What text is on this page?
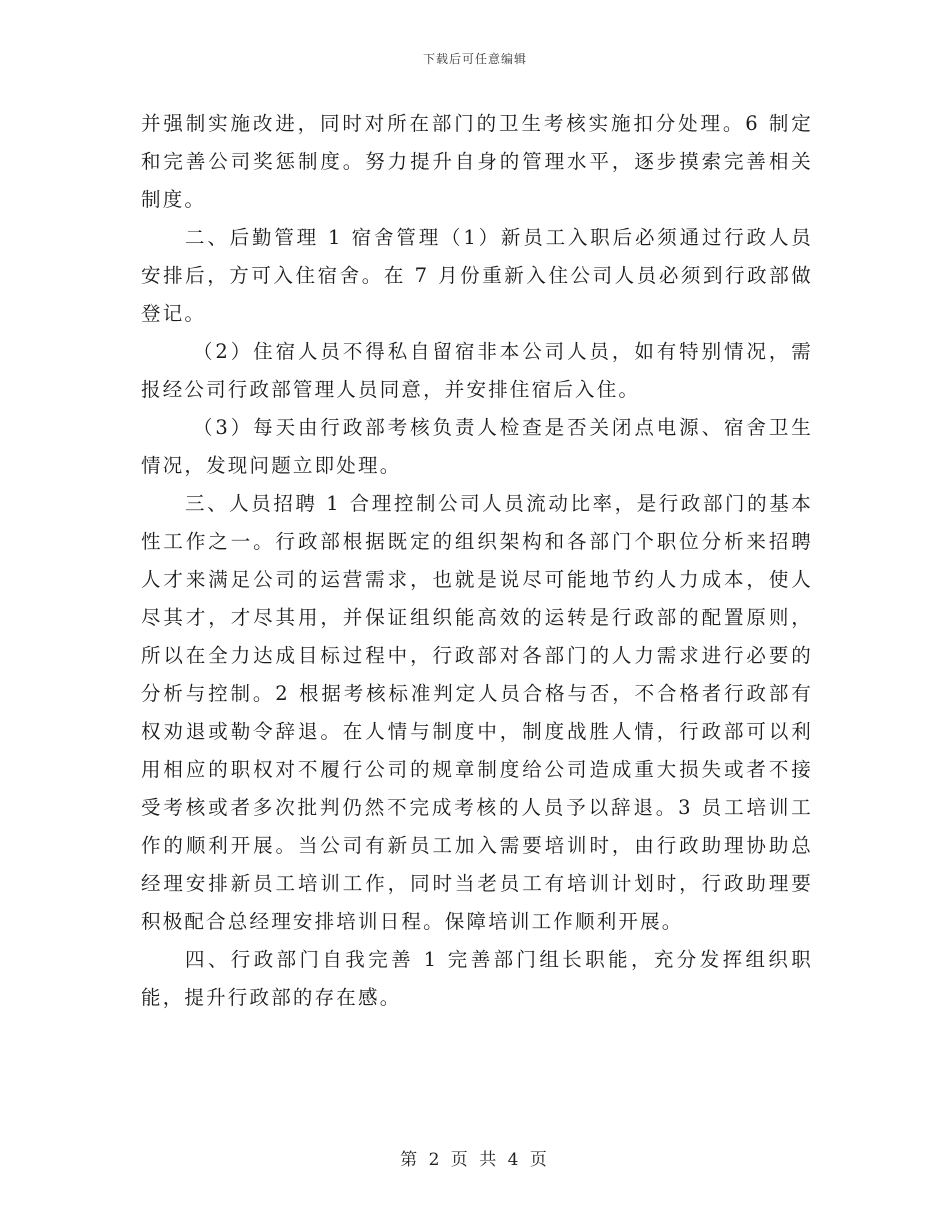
下载后可任意编辑

并强制实施改进，同时对所在部门的卫生考核实施扣分处理。6 制定和完善公司奖惩制度。努力提升自身的管理水平，逐步摸索完善相关制度。

二、后勤管理 1 宿舍管理（1）新员工入职后必须通过行政人员安排后，方可入住宿舍。在 7 月份重新入住公司人员必须到行政部做登记。

（2）住宿人员不得私自留宿非本公司人员，如有特别情况，需报经公司行政部管理人员同意，并安排住宿后入住。

（3）每天由行政部考核负责人检查是否关闭点电源、宿舍卫生情况，发现问题立即处理。

三、人员招聘 1 合理控制公司人员流动比率，是行政部门的基本性工作之一。行政部根据既定的组织架构和各部门个职位分析来招聘人才来满足公司的运营需求，也就是说尽可能地节约人力成本，使人尽其才，才尽其用，并保证组织能高效的运转是行政部的配置原则，所以在全力达成目标过程中，行政部对各部门的人力需求进行必要的分析与控制。2 根据考核标准判定人员合格与否，不合格者行政部有权劝退或勒令辞退。在人情与制度中，制度战胜人情，行政部可以利用相应的职权对不履行公司的规章制度给公司造成重大损失或者不接受考核或者多次批判仍然不完成考核的人员予以辞退。3 员工培训工作的顺利开展。当公司有新员工加入需要培训时，由行政助理协助总经理安排新员工培训工作，同时当老员工有培训计划时，行政助理要积极配合总经理安排培训日程。保障培训工作顺利开展。

四、行政部门自我完善 1 完善部门组长职能，充分发挥组织职能，提升行政部的存在感。

第 2 页 共 4 页
